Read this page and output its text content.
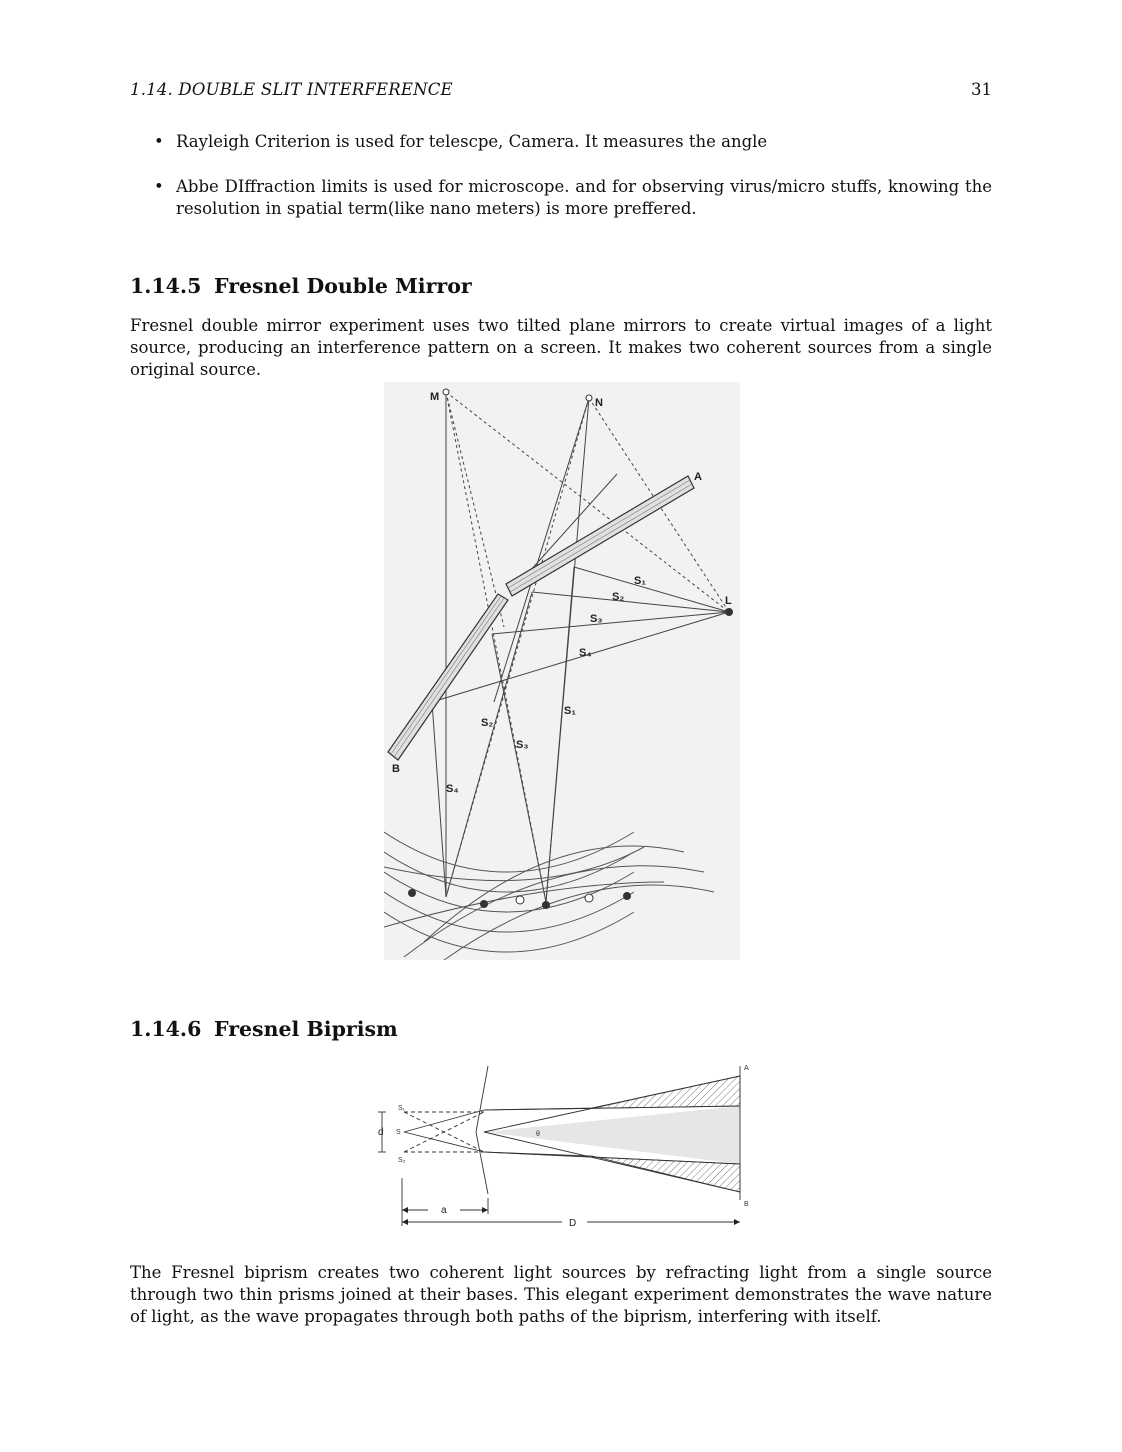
1.14. DOUBLE SLIT INTERFERENCE	31
• Rayleigh Criterion is used for telescpe, Camera. It measures the angle
• Abbe DIffraction limits is used for microscope. and for observing virus/micro stuffs, knowing the resolution in spatial term(like nano meters) is more preffered.
1.14.5 Fresnel Double Mirror

Fresnel double mirror experiment uses two tilted plane mirrors to create virtual images of a light source, producing an interference pattern on a screen. It makes two coherent sources from a single original source.

M	N
A
B
L
S₁
S₂
S₃
S₄
S₁
S₂
S₃
S₄
1.14.6 Fresnel Biprism
A
B
S₁
S
S₂
θ
d
a
D

The Fresnel biprism creates two coherent light sources by refracting light from a single source through two thin prisms joined at their bases. This elegant experiment demonstrates the wave nature of light, as the wave propagates through both paths of the biprism, interfering with itself.
